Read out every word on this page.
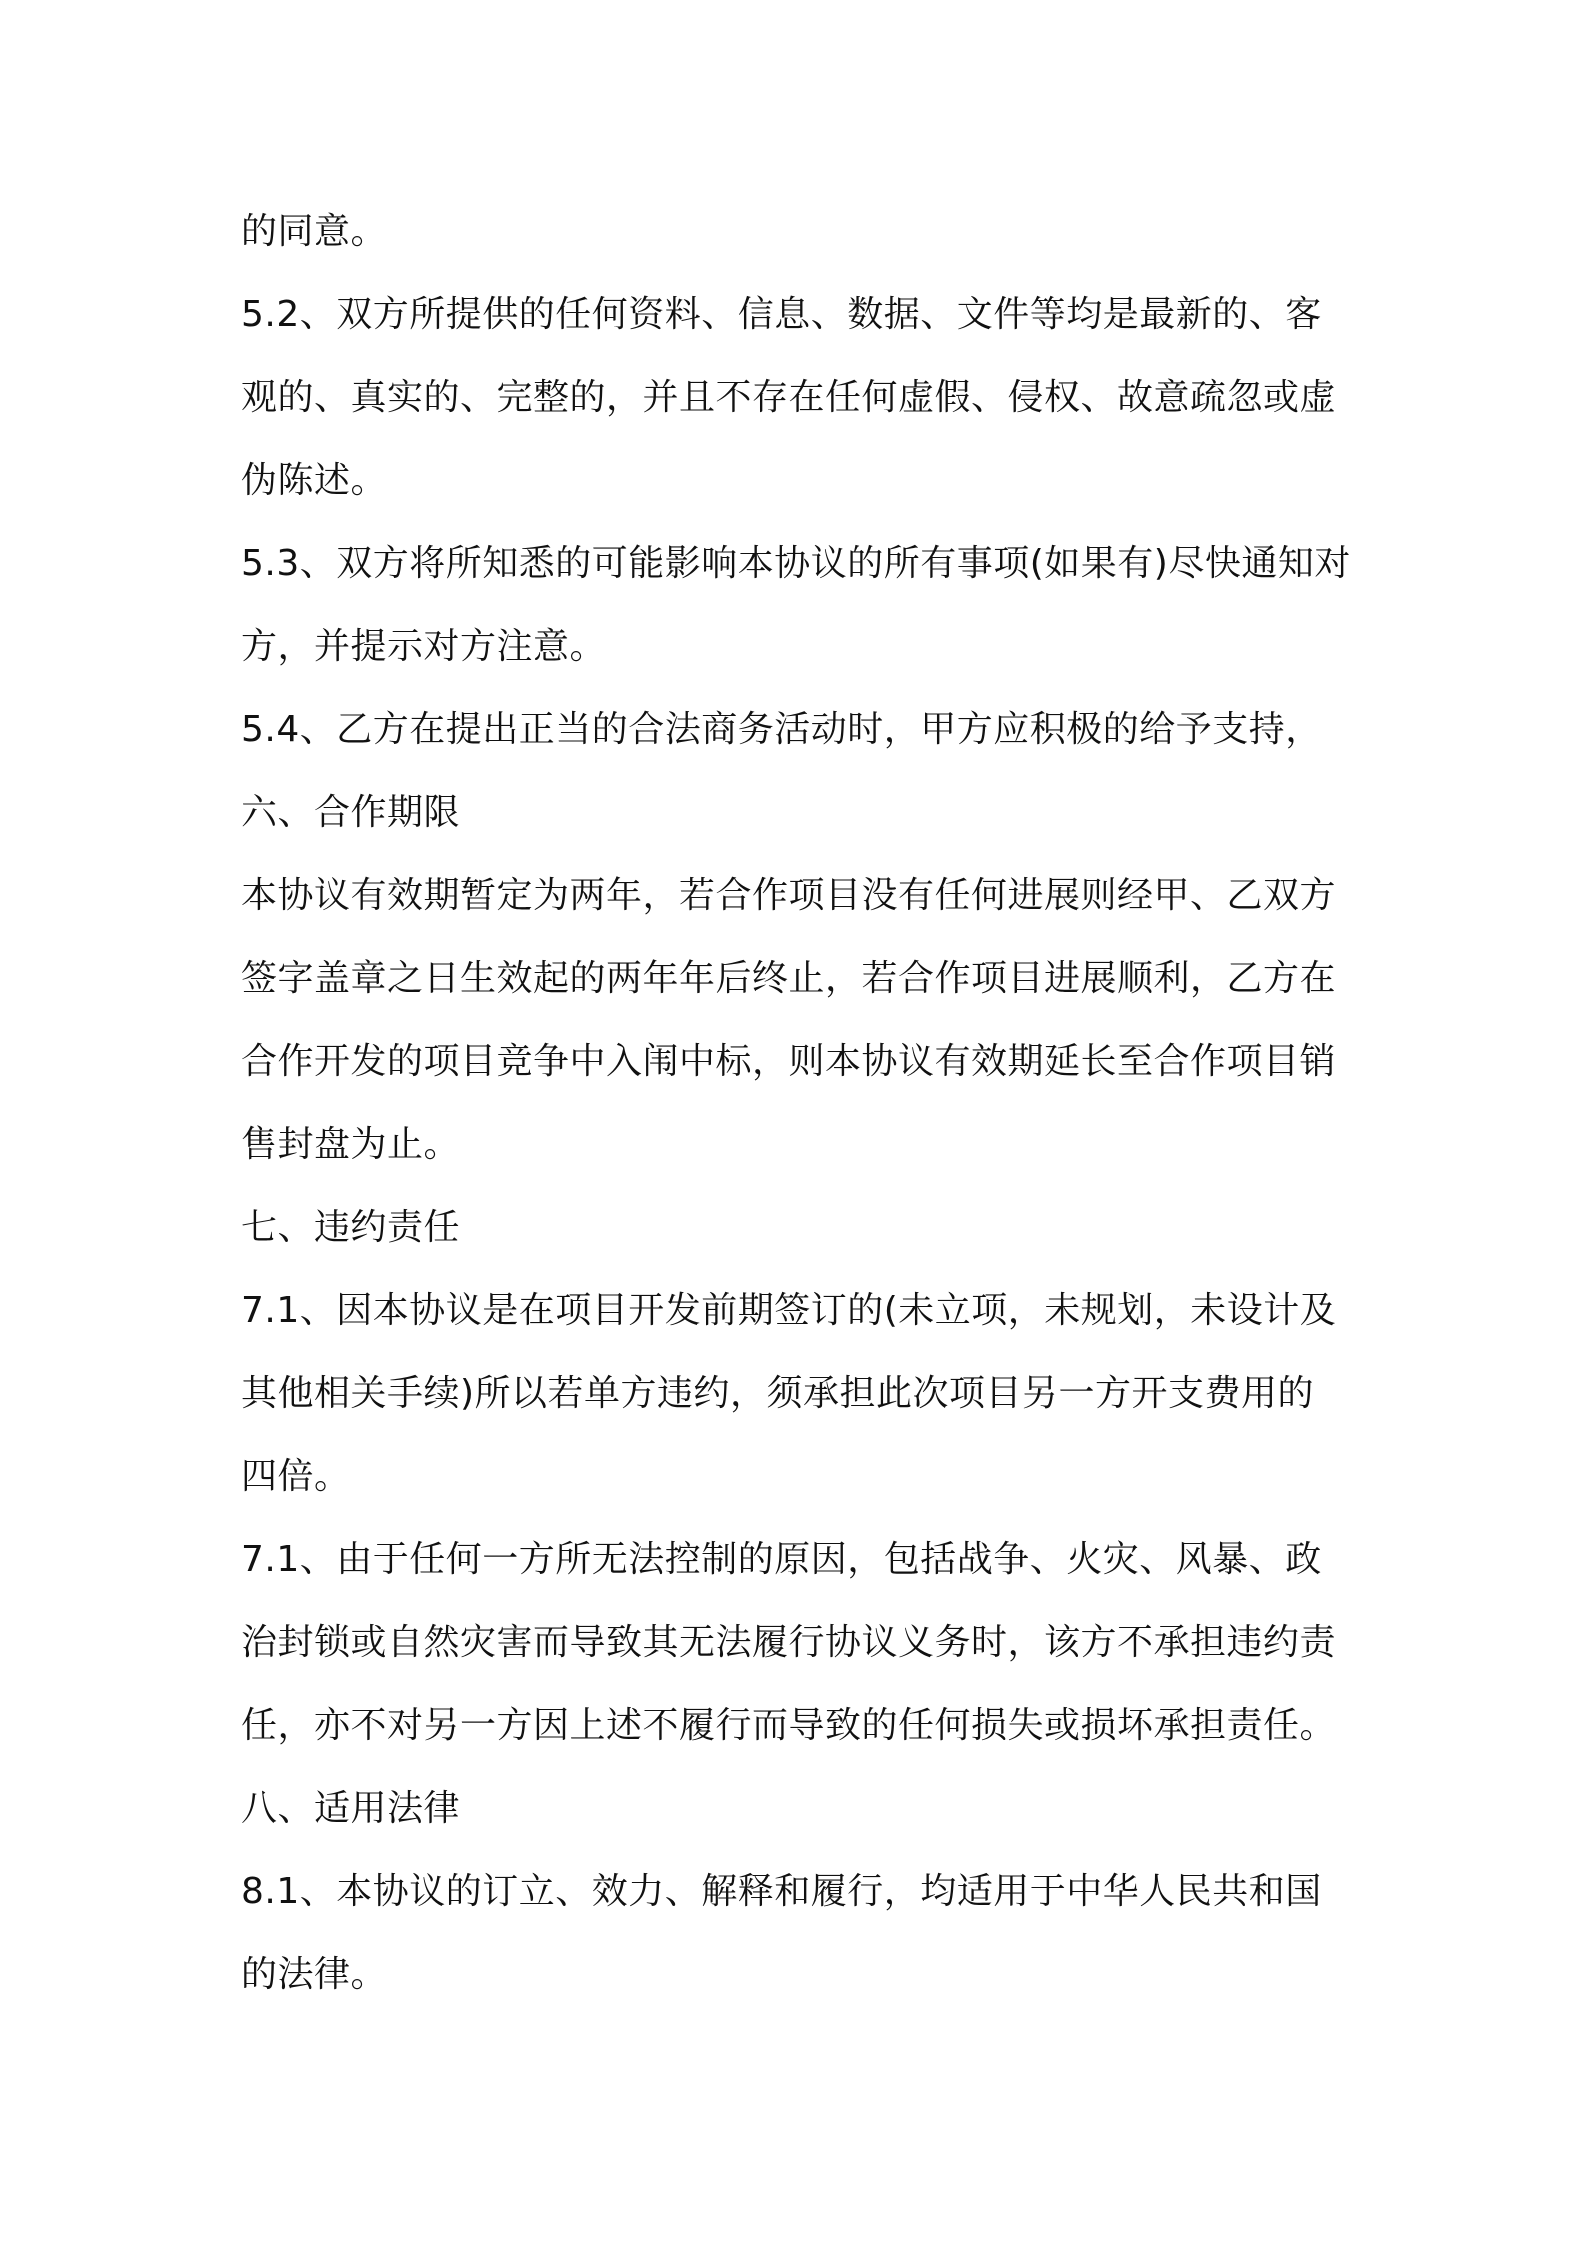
的同意。
5.2、双方所提供的任何资料、信息、数据、文件等均是最新的、客
观的、真实的、完整的，并且不存在任何虚假、侵权、故意疏忽或虚
伪陈述。
5.3、双方将所知悉的可能影响本协议的所有事项(如果有)尽快通知对
方，并提示对方注意。
5.4、乙方在提出正当的合法商务活动时，甲方应积极的给予支持，
六、合作期限
本协议有效期暂定为两年，若合作项目没有任何进展则经甲、乙双方
签字盖章之日生效起的两年年后终止，若合作项目进展顺利，乙方在
合作开发的项目竞争中入闱中标，则本协议有效期延长至合作项目销
售封盘为止。
七、违约责任
7.1、因本协议是在项目开发前期签订的(未立项，未规划，未设计及
其他相关手续)所以若单方违约，须承担此次项目另一方开支费用的
四倍。
7.1、由于任何一方所无法控制的原因，包括战争、火灾、风暴、政
治封锁或自然灾害而导致其无法履行协议义务时，该方不承担违约责
任，亦不对另一方因上述不履行而导致的任何损失或损坏承担责任。
八、适用法律
8.1、本协议的订立、效力、解释和履行，均适用于中华人民共和国
的法律。
